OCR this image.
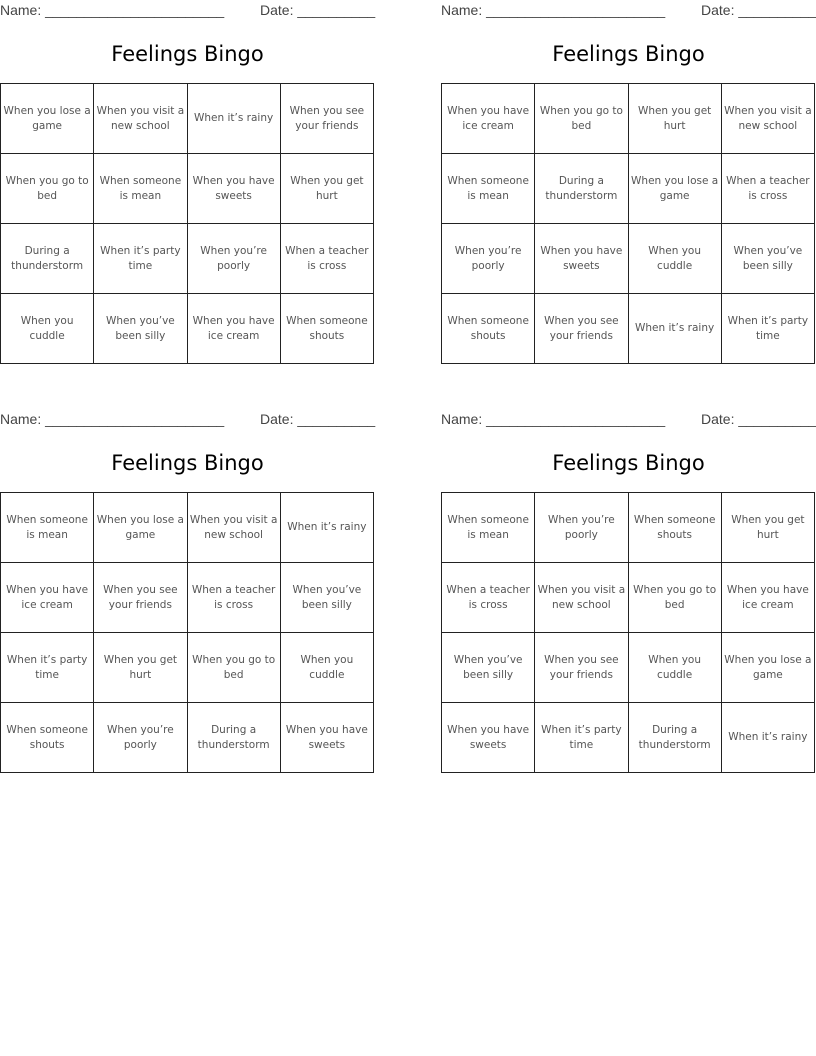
Name: _______________________	Date: __________
Feelings Bingo
When you lose a game	When you visit a new school	When it’s rainy	When you see your friends
When you go to bed	When someone is mean	When you have sweets	When you get hurt
During a thunderstorm	When it’s party time	When you’re poorly	When a teacher is cross
When you cuddle	When you’ve been silly	When you have ice cream	When someone shouts
Name: _______________________	Date: __________
Feelings Bingo
When you have ice cream	When you go to bed	When you get hurt	When you visit a new school
When someone is mean	During a thunderstorm	When you lose a game	When a teacher is cross
When you’re poorly	When you have sweets	When you cuddle	When you’ve been silly
When someone shouts	When you see your friends	When it’s rainy	When it’s party time
Name: _______________________	Date: __________
Feelings Bingo
When someone is mean	When you lose a game	When you visit a new school	When it’s rainy
When you have ice cream	When you see your friends	When a teacher is cross	When you’ve been silly
When it’s party time	When you get hurt	When you go to bed	When you cuddle
When someone shouts	When you’re poorly	During a thunderstorm	When you have sweets
Name: _______________________	Date: __________
Feelings Bingo
When someone is mean	When you’re poorly	When someone shouts	When you get hurt
When a teacher is cross	When you visit a new school	When you go to bed	When you have ice cream
When you’ve been silly	When you see your friends	When you cuddle	When you lose a game
When you have sweets	When it’s party time	During a thunderstorm	When it’s rainy
